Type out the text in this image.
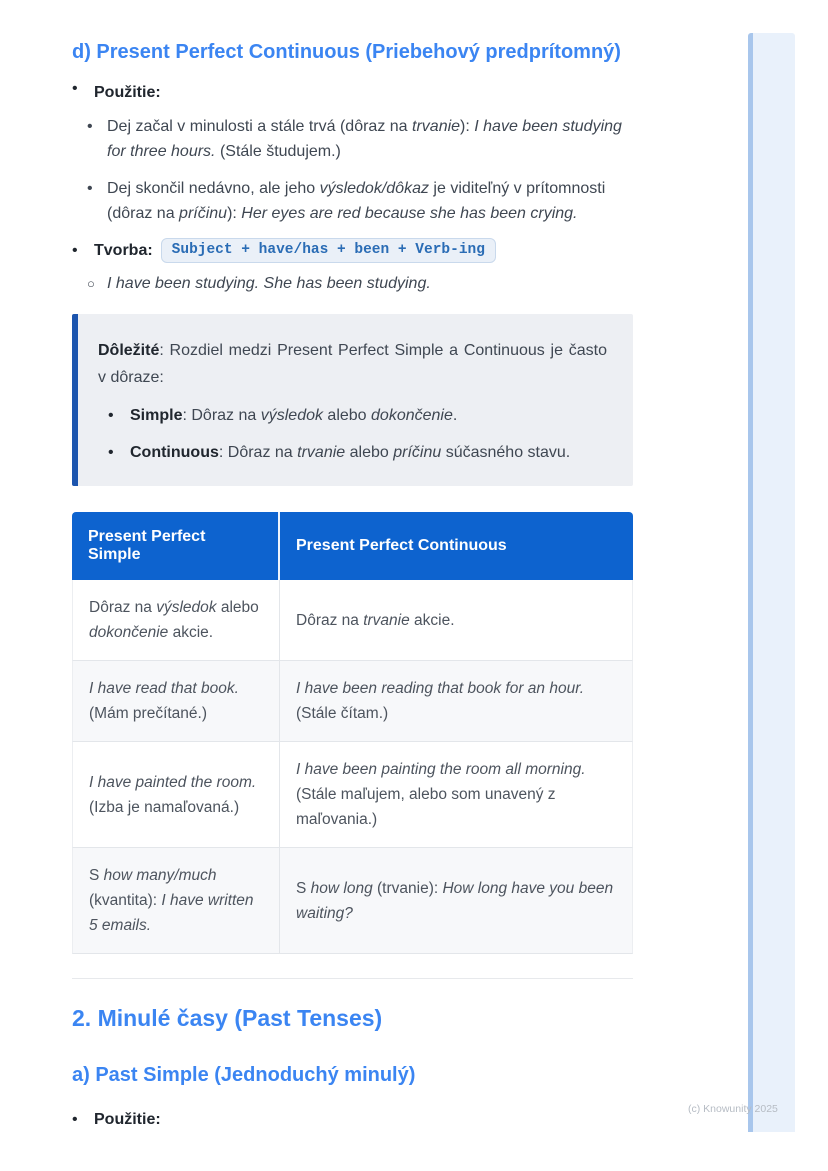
d) Present Perfect Continuous (Priebehový predprítomný)
•	Použitie:
• Dej začal v minulosti a stále trvá (dôraz na trvanie): I have been studying for three hours. (Stále študujem.)
• Dej skončil nedávno, ale jeho výsledok/dôkaz je viditeľný v prítomnosti (dôraz na príčinu): Her eyes are red because she has been crying.
•	Tvorba: Subject + have/has + been + Verb-ing
○ I have been studying. She has been studying.
Dôležité: Rozdiel medzi Present Perfect Simple a Continuous je často v dôraze:
•	Simple: Dôraz na výsledok alebo dokončenie.
•	Continuous: Dôraz na trvanie alebo príčinu súčasného stavu.
Present Perfect Simple	Present Perfect Continuous
Dôraz na výsledok alebo dokončenie akcie.	Dôraz na trvanie akcie.
I have read that book. (Mám prečítané.)	I have been reading that book for an hour. (Stále čítam.)
I have painted the room. (Izba je namaľovaná.)	I have been painting the room all morning. (Stále maľujem, alebo som unavený z maľovania.)
S how many/much (kvantita): I have written 5 emails.	S how long (trvanie): How long have you been waiting?
2. Minulé časy (Past Tenses)
a) Past Simple (Jednoduchý minulý)
•	Použitie:
(c) Knowunity 2025
